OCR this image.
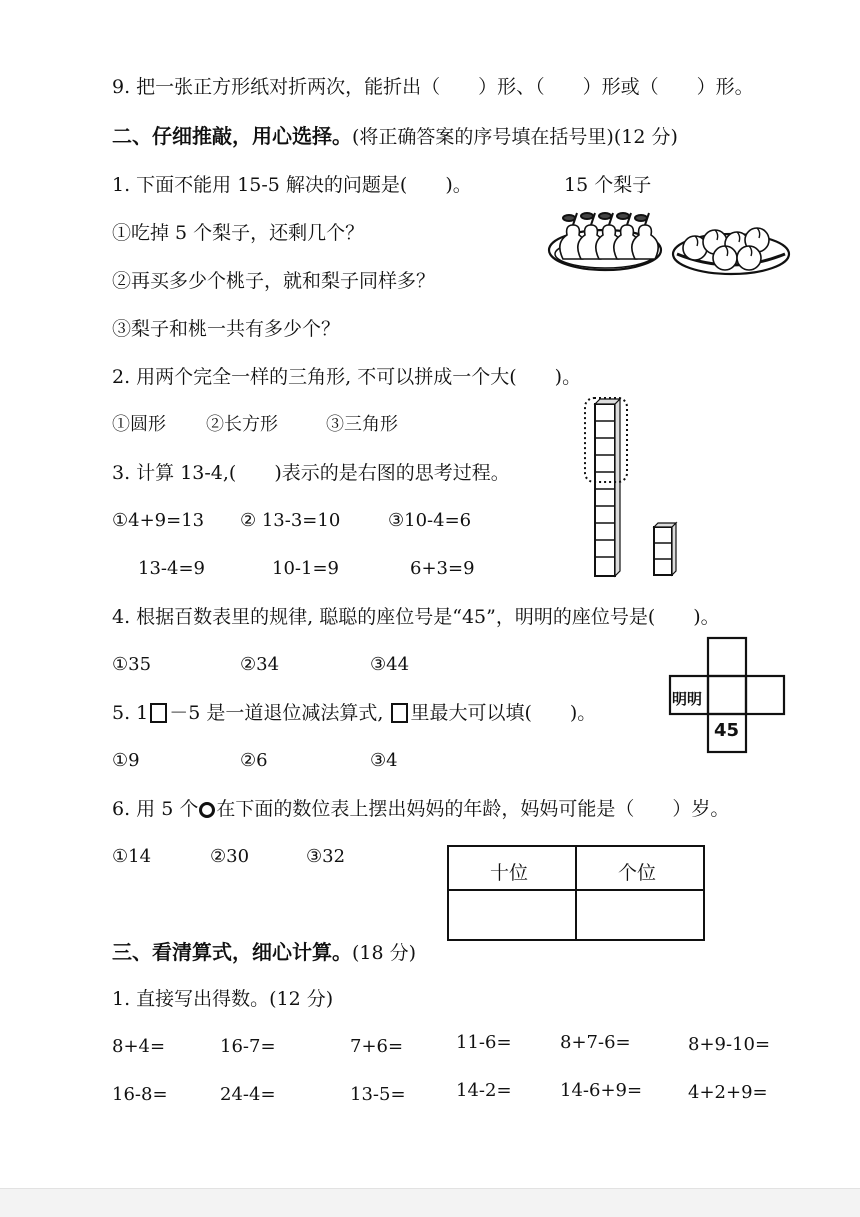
9. 把一张正方形纸对折两次，能折出（　　）形、（　　）形或（　　）形。
二、仔细推敲，用心选择。(将正确答案的序号填在括号里)(12 分)
1. 下面不能用 15-5 解决的问题是(　　)。	15 个梨子
①吃掉 5 个梨子，还剩几个？
②再买多少个桃子，就和梨子同样多？
③梨子和桃一共有多少个？
2. 用两个完全一样的三角形, 不可以拼成一个大(　　)。
①圆形 ②长方形	③三角形
3. 计算 13-4,(　　)表示的是右图的思考过程。
①4+9=13 ② 13-3=10	③10-4=6
13-4=9	10-1=9	6+3=9
4. 根据百数表里的规律, 聪聪的座位号是“45”，明明的座位号是(　　)。
①35	②34	③44
明明
45
5. 1 －5 是一道退位减法算式, 里最大可以填(　　)。
①9	②6	③4
6. 用 5 个 在下面的数位表上摆出妈妈的年龄，妈妈可能是（　　）岁。
①14	②30	③32
十位	个位
三、看清算式，细心计算。(18 分)
1. 直接写出得数。(12 分)
8+4=	16-7=	7+6=	11-6=	8+7-6=	8+9-10=
16-8=	24-4=	13-5=	14-2=	14-6+9=	4+2+9=
